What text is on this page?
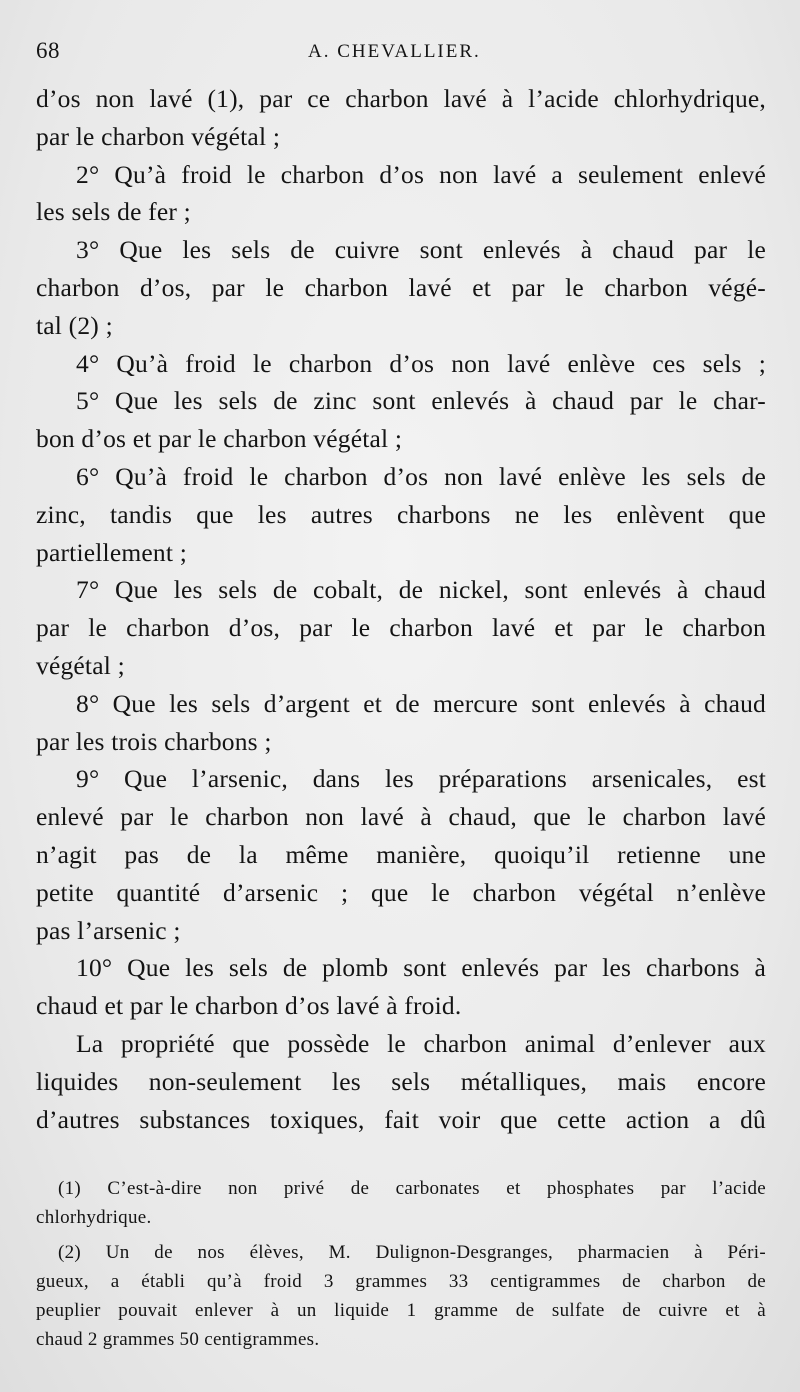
68	A. CHEVALLIER.
d’os non lavé (1), par ce charbon lavé à l’acide chlorhydrique,
par le charbon végétal ;
2° Qu’à froid le charbon d’os non lavé a seulement enlevé
les sels de fer ;
3° Que les sels de cuivre sont enlevés à chaud par le
charbon d’os, par le charbon lavé et par le charbon végé-
tal (2) ;
4° Qu’à froid le charbon d’os non lavé enlève ces sels ;
5° Que les sels de zinc sont enlevés à chaud par le char-
bon d’os et par le charbon végétal ;
6° Qu’à froid le charbon d’os non lavé enlève les sels de
zinc, tandis que les autres charbons ne les enlèvent que
partiellement ;
7° Que les sels de cobalt, de nickel, sont enlevés à chaud
par le charbon d’os, par le charbon lavé et par le charbon
végétal ;
8° Que les sels d’argent et de mercure sont enlevés à chaud
par les trois charbons ;
9° Que l’arsenic, dans les préparations arsenicales, est
enlevé par le charbon non lavé à chaud, que le charbon lavé
n’agit pas de la même manière, quoiqu’il retienne une
petite quantité d’arsenic ; que le charbon végétal n’enlève
pas l’arsenic ;
10° Que les sels de plomb sont enlevés par les charbons à
chaud et par le charbon d’os lavé à froid.
La propriété que possède le charbon animal d’enlever aux
liquides non-seulement les sels métalliques, mais encore
d’autres substances toxiques, fait voir que cette action a dû
(1) C’est-à-dire non privé de carbonates et phosphates par l’acide
chlorhydrique.
(2) Un de nos élèves, M. Dulignon-Desgranges, pharmacien à Péri-
gueux, a établi qu’à froid 3 grammes 33 centigrammes de charbon de
peuplier pouvait enlever à un liquide 1 gramme de sulfate de cuivre et à
chaud 2 grammes 50 centigrammes.
